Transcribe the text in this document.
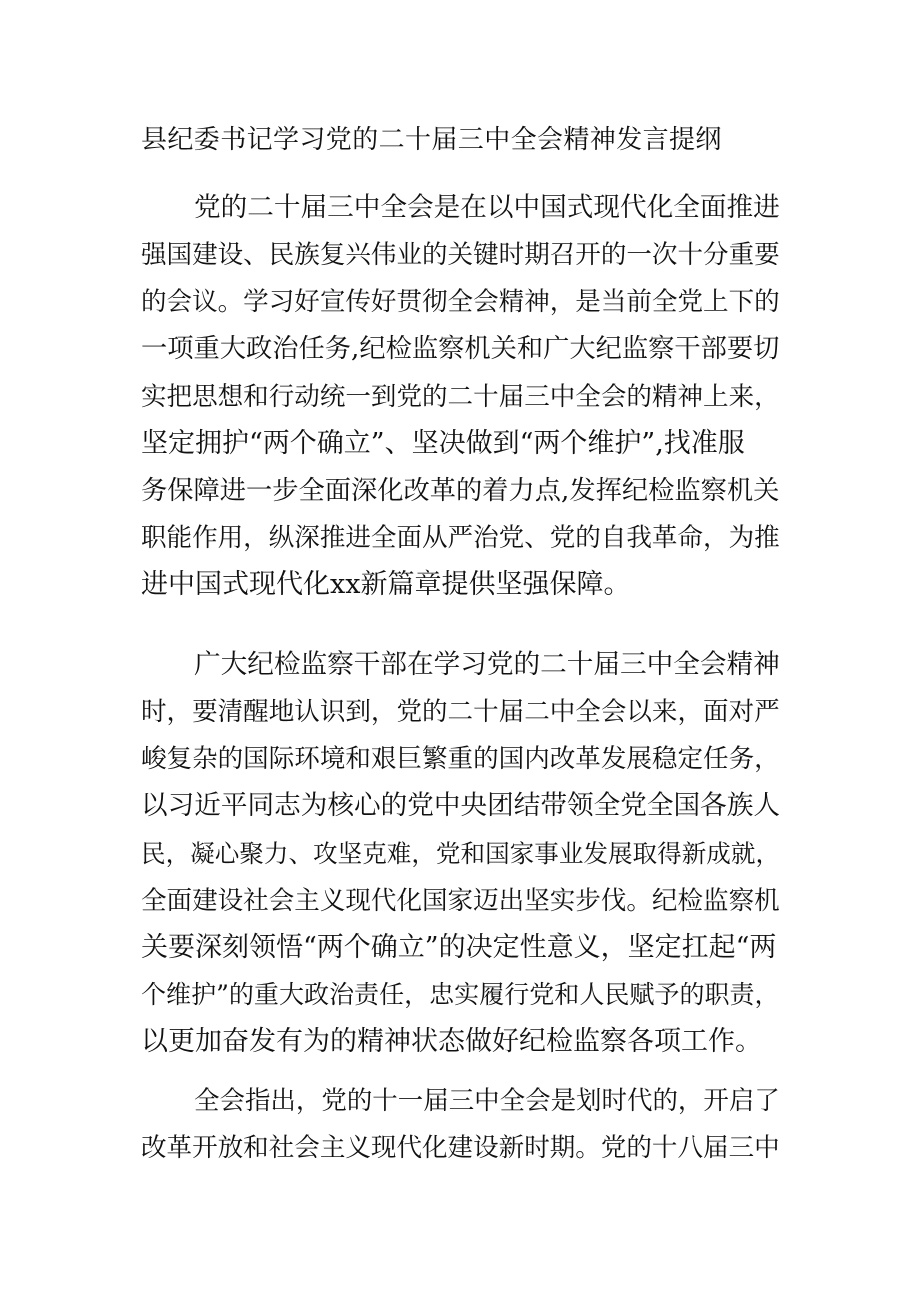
县纪委书记学习党的二十届三中全会精神发言提纲
党的二十届三中全会是在以中国式现代化全面推进
强国建设、民族复兴伟业的关键时期召开的一次十分重要
的会议。学习好宣传好贯彻全会精神，是当前全党上下的
一项重大政治任务,纪检监察机关和广大纪监察干部要切
实把思想和行动统一到党的二十届三中全会的精神上来，
坚定拥护“两个确立”、坚决做到“两个维护”,找准服
务保障进一步全面深化改革的着力点,发挥纪检监察机关
职能作用，纵深推进全面从严治党、党的自我革命，为推
进中国式现代化xx新篇章提供坚强保障。
广大纪检监察干部在学习党的二十届三中全会精神
时，要清醒地认识到，党的二十届二中全会以来，面对严
峻复杂的国际环境和艰巨繁重的国内改革发展稳定任务，
以习近平同志为核心的党中央团结带领全党全国各族人
民，凝心聚力、攻坚克难，党和国家事业发展取得新成就，
全面建设社会主义现代化国家迈出坚实步伐。纪检监察机
关要深刻领悟“两个确立”的决定性意义，坚定扛起“两
个维护”的重大政治责任，忠实履行党和人民赋予的职责，
以更加奋发有为的精神状态做好纪检监察各项工作。
全会指出，党的十一届三中全会是划时代的，开启了
改革开放和社会主义现代化建设新时期。党的十八届三中
